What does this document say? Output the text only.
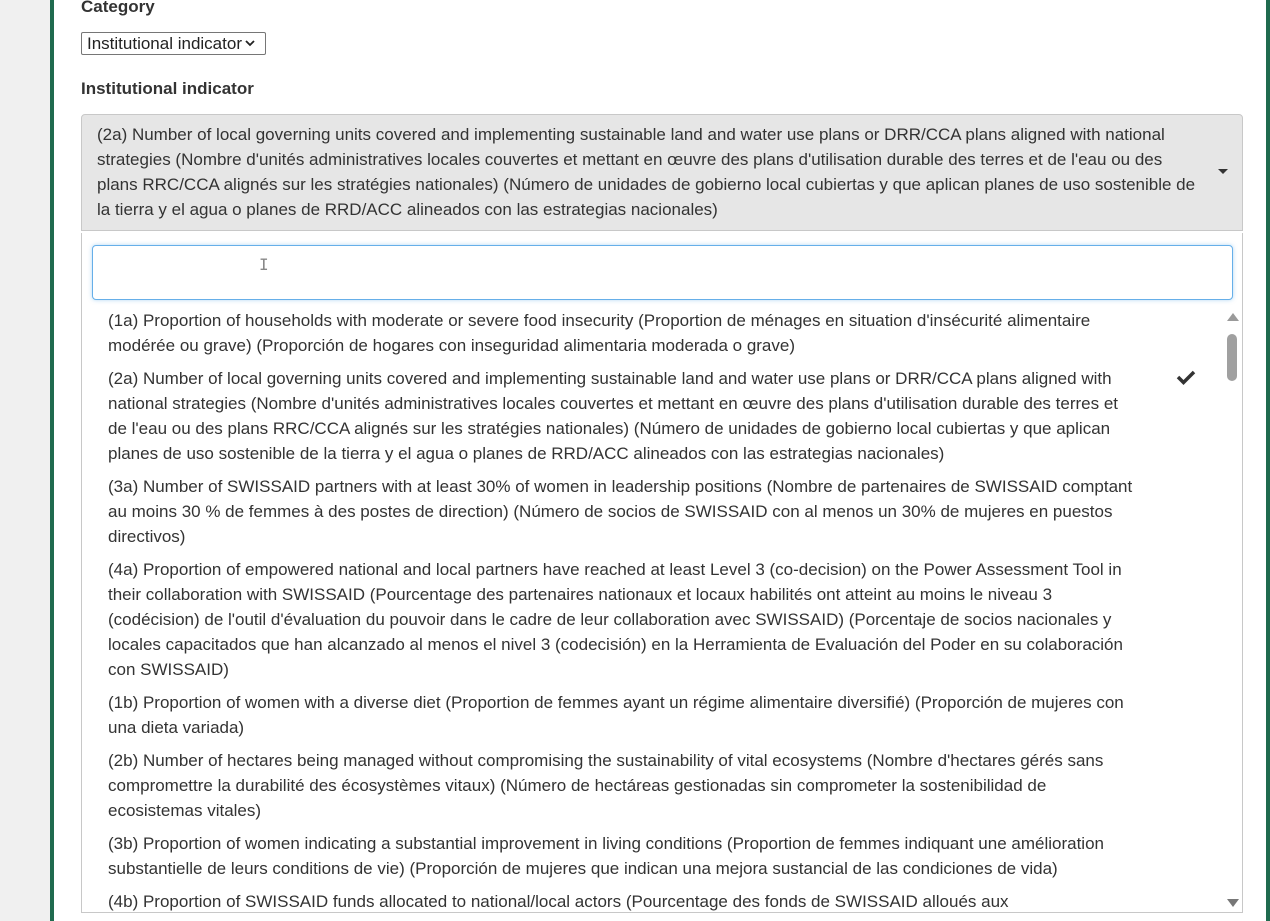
Category
Institutional indicator
Institutional indicator
(2a) Number of local governing units covered and implementing sustainable land and water use plans or DRR/CCA plans aligned with national strategies (Nombre d'unités administratives locales couvertes et mettant en œuvre des plans d'utilisation durable des terres et de l'eau ou des plans RRC/CCA alignés sur les stratégies nationales) (Número de unidades de gobierno local cubiertas y que aplican planes de uso sostenible de la tierra y el agua o planes de RRD/ACC alineados con las estrategias nacionales)
I
(1a) Proportion of households with moderate or severe food insecurity (Proportion de ménages en situation d'insécurité alimentaire modérée ou grave) (Proporción de hogares con inseguridad alimentaria moderada o grave)
(2a) Number of local governing units covered and implementing sustainable land and water use plans or DRR/CCA plans aligned with national strategies (Nombre d'unités administratives locales couvertes et mettant en œuvre des plans d'utilisation durable des terres et de l'eau ou des plans RRC/CCA alignés sur les stratégies nationales) (Número de unidades de gobierno local cubiertas y que aplican planes de uso sostenible de la tierra y el agua o planes de RRD/ACC alineados con las estrategias nacionales)
(3a) Number of SWISSAID partners with at least 30% of women in leadership positions (Nombre de partenaires de SWISSAID comptant au moins 30 % de femmes à des postes de direction) (Número de socios de SWISSAID con al menos un 30% de mujeres en puestos directivos)
(4a) Proportion of empowered national and local partners have reached at least Level 3 (co-decision) on the Power Assessment Tool in their collaboration with SWISSAID (Pourcentage des partenaires nationaux et locaux habilités ont atteint au moins le niveau 3 (codécision) de l'outil d'évaluation du pouvoir dans le cadre de leur collaboration avec SWISSAID) (Porcentaje de socios nacionales y locales capacitados que han alcanzado al menos el nivel 3 (codecisión) en la Herramienta de Evaluación del Poder en su colaboración con SWISSAID)
(1b) Proportion of women with a diverse diet (Proportion de femmes ayant un régime alimentaire diversifié) (Proporción de mujeres con una dieta variada)
(2b) Number of hectares being managed without compromising the sustainability of vital ecosystems (Nombre d'hectares gérés sans compromettre la durabilité des écosystèmes vitaux) (Número de hectáreas gestionadas sin comprometer la sostenibilidad de ecosistemas vitales)
(3b) Proportion of women indicating a substantial improvement in living conditions (Proportion de femmes indiquant une amélioration substantielle de leurs conditions de vie) (Proporción de mujeres que indican una mejora sustancial de las condiciones de vida)
(4b) Proportion of SWISSAID funds allocated to national/local actors (Pourcentage des fonds de SWISSAID alloués aux
